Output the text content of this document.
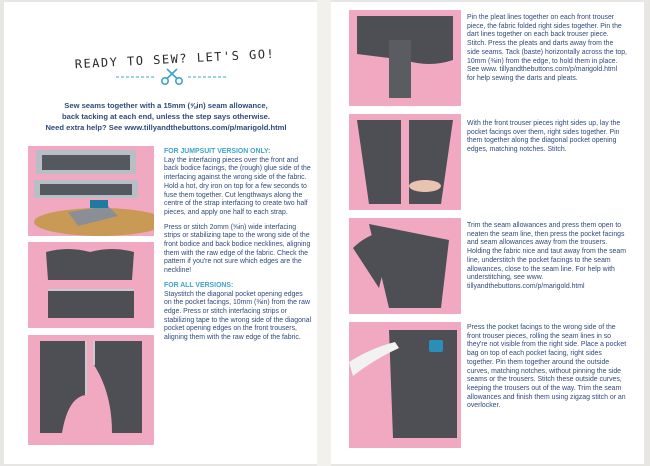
READY TO SEW? LET'S GO!
Sew seams together with a 15mm (⅝in) seam allowance,
back tacking at each end, unless the step says otherwise.
Need extra help? See www.tillyandthebuttons.com/p/marigold.html
FOR JUMPSUIT VERSION ONLY:
Lay the interfacing pieces over the front and back bodice facings, the (rough) glue side of the interfacing against the wrong side of the fabric. Hold a hot, dry iron on top for a few seconds to fuse them together. Cut lengthways along the centre of the strap interfacing to create two half pieces, and apply one half to each strap.
Press or stitch 2omm (⅝in) wide interfacing strips or stabilizing tape to the wrong side of the front bodice and back bodice necklines, aligning them with the raw edge of the fabric. Check the pattern if you're not sure which edges are the neckline!
FOR ALL VERSIONS:
Staystitch the diagonal pocket opening edges on the pocket facings, 10mm (⅜in) from the raw edge. Press or stitch interfacing strips or stabilizing tape to the wrong side of the diagonal pocket opening edges on the front trousers, aligning them with the raw edge of the fabric.
Pin the pleat lines together on each front trouser piece, the fabric folded right sides together. Pin the dart lines together on each back trouser piece. Stitch. Press the pleats and darts away from the side seams. Tack (baste) horizontally across the top, 10mm (⅜in) from the edge, to hold them in place. See www. tillyandthebuttons.com/p/marigold.html for help sewing the darts and pleats.
With the front trouser pieces right sides up, lay the pocket facings over them, right sides together. Pin them together along the diagonal pocket opening edges, matching notches. Stitch.
Trim the seam allowances and press them open to neaten the seam line, then press the pocket facings and seam allowances away from the trousers. Holding the fabric nice and taut away from the seam line, understitch the pocket facings to the seam allowances, close to the seam line. For help with understitching, see www. tillyandthebuttons.com/p/marigold.html
Press the pocket facings to the wrong side of the front trouser pieces, rolling the seam lines in so they're not visible from the right side. Place a pocket bag on top of each pocket facing, right sides together. Pin them together around the outside curves, matching notches, without pinning the side seams or the trousers. Stitch these outside curves, keeping the trousers out of the way. Trim the seam allowances and finish them using zigzag stitch or an overlocker.
